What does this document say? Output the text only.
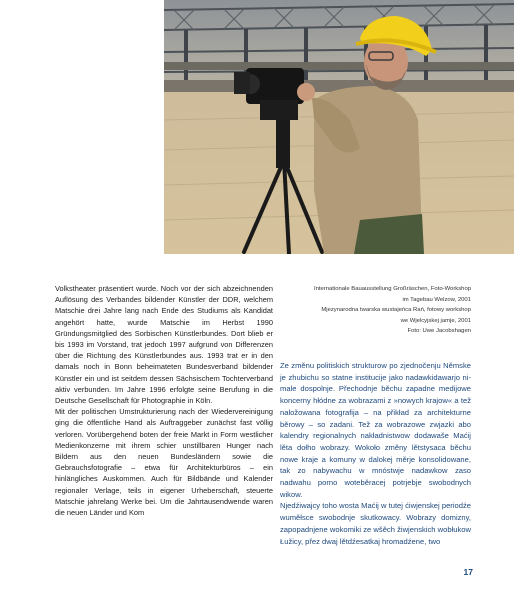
Volkstheater präsentiert wurde. Noch vor der sich abzeichnenden Auflösung des Verbandes bildender Künstler der DDR, welchem Matschie drei Jahre lang nach Ende des Studiums als Kandidat angehört hatte, wurde Matschie im Herbst 1990 Gründungsmitglied des Sorbischen Künstlerbundes. Dort blieb er bis 1993 im Vorstand, trat jedoch 1997 aufgrund von Differenzen über die Richtung des Künstlerbundes aus. 1993 trat er in den damals noch in Bonn beheimateten Bundesverband bildender Künstler ein und ist seitdem dessen Sächsischem Tochterverband aktiv verbunden. Im Jahre 1996 erfolgte seine Berufung in die Deutsche Gesellschaft für Photographie in Köln.

Mit der politischen Umstrukturierung nach der Wiedervereinigung ging die öffentliche Hand als Auftraggeber zunächst fast völlig verloren. Vorübergehend boten der freie Markt in Form westlicher Medienkonzerne mit ihrem schier unstillbaren Hunger nach Bildern aus den neuen Bundesländern sowie die Gebrauchsfotografie – etwa für Architekturbüros – ein hinlängliches Auskommen. Auch für Bildbände und Kalender regionaler Verlage, teils in eigener Urheberschaft, steuerte Matschie jahrelang Werke bei. Um die Jahrtausendwende waren die neuen Länder und Kom

Internationale Bauausstellung Großräschen, Foto-Workshop
im Tagebau Welzow, 2001
Mjezynarodna twarska wustajeńca Rań, fotowy workshop
we Wjelcyjskej jamje, 2001
Foto: Uwe Jacobshagen

Ze změnu politiskich strukturow po zjednočenju Němske je zhubichu so statne institucije jako nadawkidawarjo nimale dospolnje. Přechodnje běchu zapadne medijowe koncerny hłódne za wobrazami z »nowych krajow« a tež naložowana fotografija – na přikład za architekturne běrowy – so zadani. Tež za wobrazowe zwjazki abo kalendry regionalnych nakładnistwow dodawaše Maćij lěta dołho wobrazy. Wokoło změny lětstysaca běchu nowe kraje a komuny w dalokej měrje konsolidowane, tak zo nabywachu w mnóstwje nadawkow zaso nadwahu porno woteběracej potrjebje swobodnych wikow.

Njedźiwajcy toho wosta Maćij w tutej ćiwjenskej periodźe wuměłsce swobodnje skutkowacy. Wobrazy domizny, zapopadnjene wokomiki ze wšěch žiwjenskich wobłukow Łužicy, přez dwaj lětdźesatkaj hromadźene, two

17
